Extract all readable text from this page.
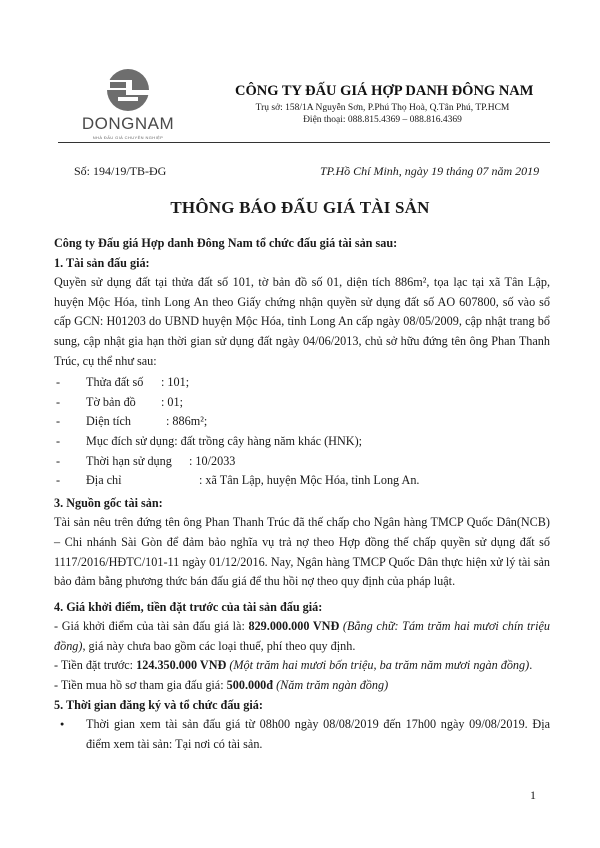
DONGNAM
NHÀ ĐẤU GIÁ CHUYÊN NGHIỆP
CÔNG TY ĐẤU GIÁ HỢP DANH ĐÔNG NAM
Trụ sở: 158/1A Nguyễn Sơn, P.Phú Thọ Hoà, Q.Tân Phú, TP.HCM
Điện thoại: 088.815.4369 – 088.816.4369
Số: 194/19/TB-ĐG	TP.Hồ Chí Minh, ngày 19 tháng 07 năm 2019
THÔNG BÁO ĐẤU GIÁ TÀI SẢN

Công ty Đấu giá Hợp danh Đông Nam tổ chức đấu giá tài sản sau:

1. Tài sản đấu giá:

Quyền sử dụng đất tại thửa đất số 101, tờ bản đồ số 01, diện tích 886m², tọa lạc tại xã Tân Lập, huyện Mộc Hóa, tỉnh Long An theo Giấy chứng nhận quyền sử dụng đất số AO 607800, số vào sổ cấp GCN: H01203 do UBND huyện Mộc Hóa, tỉnh Long An cấp ngày 08/05/2009, cập nhật trang bổ sung, cập nhật gia hạn thời gian sử dụng đất ngày 04/06/2013, chủ sở hữu đứng tên ông Phan Thanh Trúc, cụ thể như sau:

- Thửa đất số : 101;
- Tờ bản đồ : 01;
- Diện tích	: 886m²;
- Mục đích sử dụng: đất trồng cây hàng năm khác (HNK);
- Thời hạn sử dụng : 10/2033
- Địa chỉ	: xã Tân Lập, huyện Mộc Hóa, tỉnh Long An.

3. Nguồn gốc tài sản:

Tài sản nêu trên đứng tên ông Phan Thanh Trúc đã thế chấp cho Ngân hàng TMCP Quốc Dân(NCB) – Chi nhánh Sài Gòn để đảm bảo nghĩa vụ trả nợ theo Hợp đồng thế chấp quyền sử dụng đất số 1117/2016/HĐTC/101-11 ngày 01/12/2016. Nay, Ngân hàng TMCP Quốc Dân thực hiện xử lý tài sản bảo đảm bằng phương thức bán đấu giá để thu hồi nợ theo quy định của pháp luật.

4. Giá khởi điểm, tiền đặt trước của tài sản đấu giá:

- Giá khởi điểm của tài sản đấu giá là: 829.000.000 VNĐ (Bằng chữ: Tám trăm hai mươi chín triệu đồng), giá này chưa bao gồm các loại thuế, phí theo quy định.

- Tiền đặt trước: 124.350.000 VNĐ (Một trăm hai mươi bốn triệu, ba trăm năm mươi ngàn đồng).

- Tiền mua hồ sơ tham gia đấu giá: 500.000đ (Năm trăm ngàn đồng)

5. Thời gian đăng ký và tổ chức đấu giá:

● Thời gian xem tài sản đấu giá từ 08h00 ngày 08/08/2019 đến 17h00 ngày 09/08/2019. Địa điểm xem tài sản: Tại nơi có tài sản.

1
